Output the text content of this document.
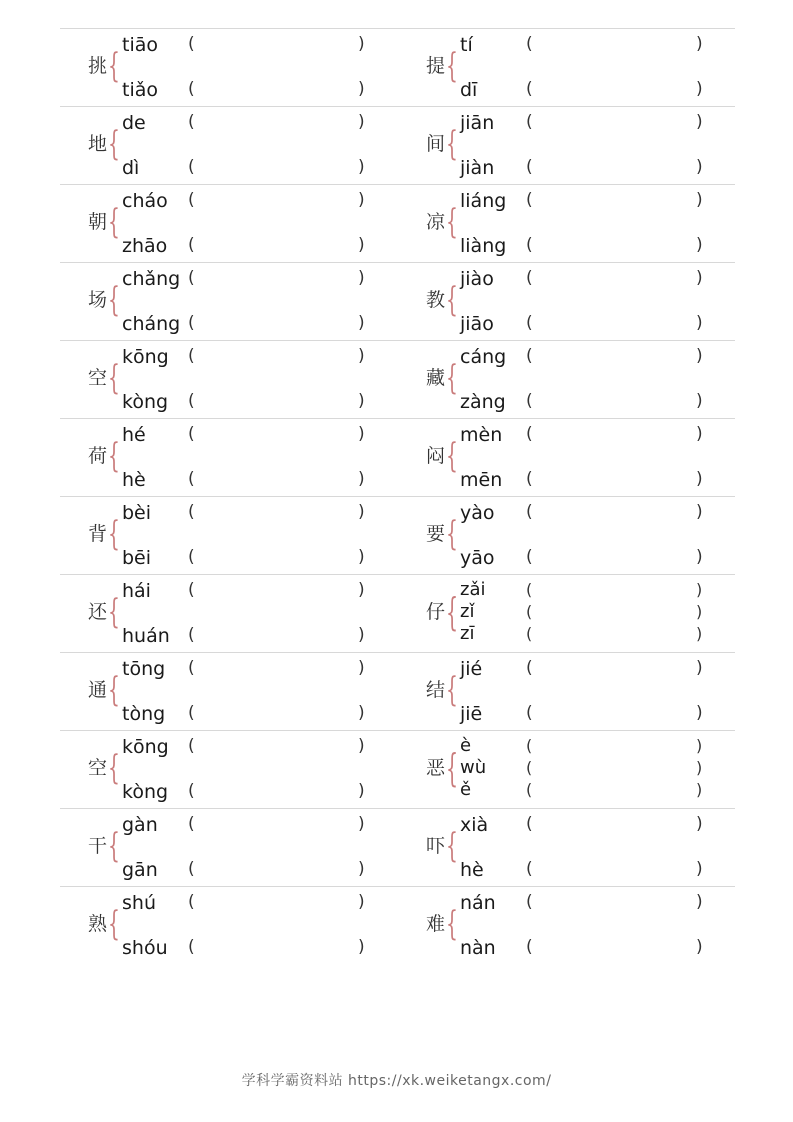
挑 {
tiāo (	)
tiǎo (	)
提 {
tí	(	)
dī	(	)
地 {
de (	)
dì	(	)
间 {
jiān (	)
jiàn (	)
朝 {
cháo (	)
zhāo (	)
凉 {
liáng (	)
liàng (	)
场 {
chǎng (	)
cháng (	)
教 {
jiào (	)
jiāo (	)
空 {
kōng (	)
kòng (	)
藏 {
cáng (	)
zàng (	)
荷 {
hé (	)
hè (	)
闷 {
mèn (	)
mēn (	)
背 {
bèi (	)
bēi (	)
要 {
yào (	)
yāo (	)
还 {
hái (	)
huán (	)
仔 {
zǎi	(	)
zǐ	(	)
zī	(	)
通 {
tōng (	)
tòng (	)
结 {
jié	(	)
jiē	(	)
空 {
kōng (	)
kòng (	)
恶 {
è	(	)
wù (	)
ě	(	)
干 {
gàn (	)
gān (	)
吓 {
xià (	)
hè (	)
熟 {
shú (	)
shóu (	)
难 {
nán (	)
nàn (	)
学科学霸资料站 https://xk.weiketangx.com/
